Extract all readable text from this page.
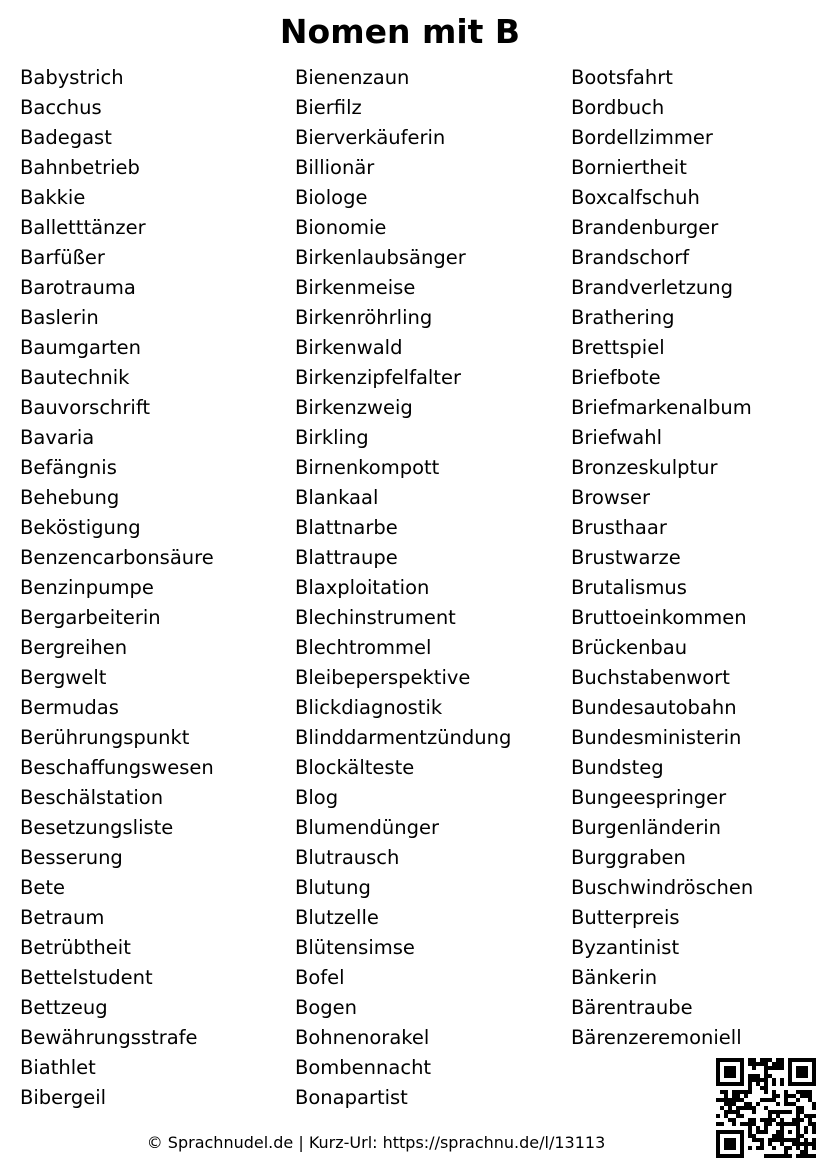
Nomen mit B
Babystrich
Bacchus
Badegast
Bahnbetrieb
Bakkie
Balletttänzer
Barfüßer
Barotrauma
Baslerin
Baumgarten
Bautechnik
Bauvorschrift
Bavaria
Befängnis
Behebung
Beköstigung
Benzencarbonsäure
Benzinpumpe
Bergarbeiterin
Bergreihen
Bergwelt
Bermudas
Berührungspunkt
Beschaffungswesen
Beschälstation
Besetzungsliste
Besserung
Bete
Betraum
Betrübtheit
Bettelstudent
Bettzeug
Bewährungsstrafe
Biathlet
Bibergeil
Bienenzaun
Bierfilz
Bierverkäuferin
Billionär
Biologe
Bionomie
Birkenlaubsänger
Birkenmeise
Birkenröhrling
Birkenwald
Birkenzipfelfalter
Birkenzweig
Birkling
Birnenkompott
Blankaal
Blattnarbe
Blattraupe
Blaxploitation
Blechinstrument
Blechtrommel
Bleibeperspektive
Blickdiagnostik
Blinddarmentzündung
Blockälteste
Blog
Blumendünger
Blutrausch
Blutung
Blutzelle
Blütensimse
Bofel
Bogen
Bohnenorakel
Bombennacht
Bonapartist
Bootsfahrt
Bordbuch
Bordellzimmer
Borniertheit
Boxcalfschuh
Brandenburger
Brandschorf
Brandverletzung
Brathering
Brettspiel
Briefbote
Briefmarkenalbum
Briefwahl
Bronzeskulptur
Browser
Brusthaar
Brustwarze
Brutalismus
Bruttoeinkommen
Brückenbau
Buchstabenwort
Bundesautobahn
Bundesministerin
Bundsteg
Bungeespringer
Burgenländerin
Burggraben
Buschwindröschen
Butterpreis
Byzantinist
Bänkerin
Bärentraube
Bärenzeremoniell
© Sprachnudel.de | Kurz-Url: https://sprachnu.de/l/13113
